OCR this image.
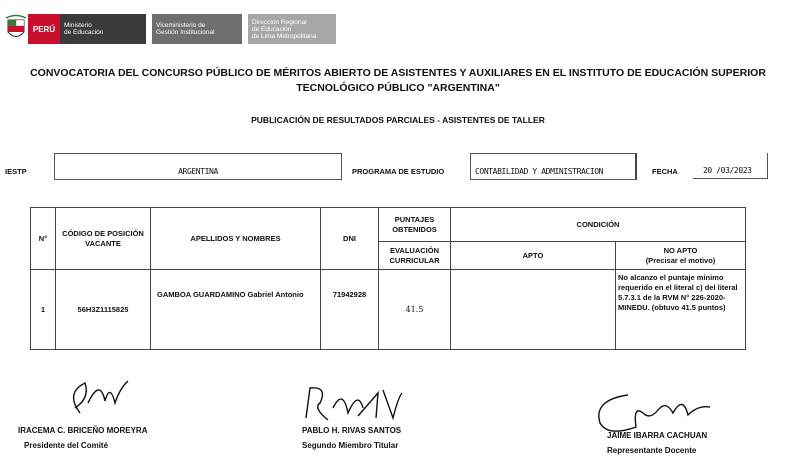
PERÚ	Ministerio
de Educación
Viceministerio de
Gestión Institucional
Dirección Regional
de Educación
de Lima Metropolitana
CONVOCATORIA DEL CONCURSO PÚBLICO DE MÉRITOS ABIERTO DE ASISTENTES Y AUXILIARES EN EL INSTITUTO DE EDUCACIÓN SUPERIOR
TECNOLÓGICO PÚBLICO "ARGENTINA"
PUBLICACIÓN DE RESULTADOS PARCIALES - ASISTENTES DE TALLER
IESTP	ARGENTINA	PROGRAMA DE ESTUDIO	CONTABILIDAD Y ADMINISTRACION	FECHA	20 /03/2023
N°	CÓDIGO DE POSICIÓN VACANTE	APELLIDOS Y NOMBRES	DNI	PUNTAJES OBTENIDOS	CONDICIÓN	
				EVALUACIÓN CURRICULAR	APTO	NO APTO
(Precisar el motivo)

1	56H3Z1115825	GAMBOA GUARDAMINO Gabriel Antonio	71942928	41.5		No alcanzo el puntaje mínimo requerido en el literal c) del literal 5.7.3.1 de la RVM N° 226-2020-MINEDU. (obtuvo 41.5 puntos)
IRACEMA C. BRICEÑO MOREYRA
Presidente del Comité
PABLO H. RIVAS SANTOS
Segundo Miembro Titular
JAIME IBARRA CACHUAN
Representante Docente
